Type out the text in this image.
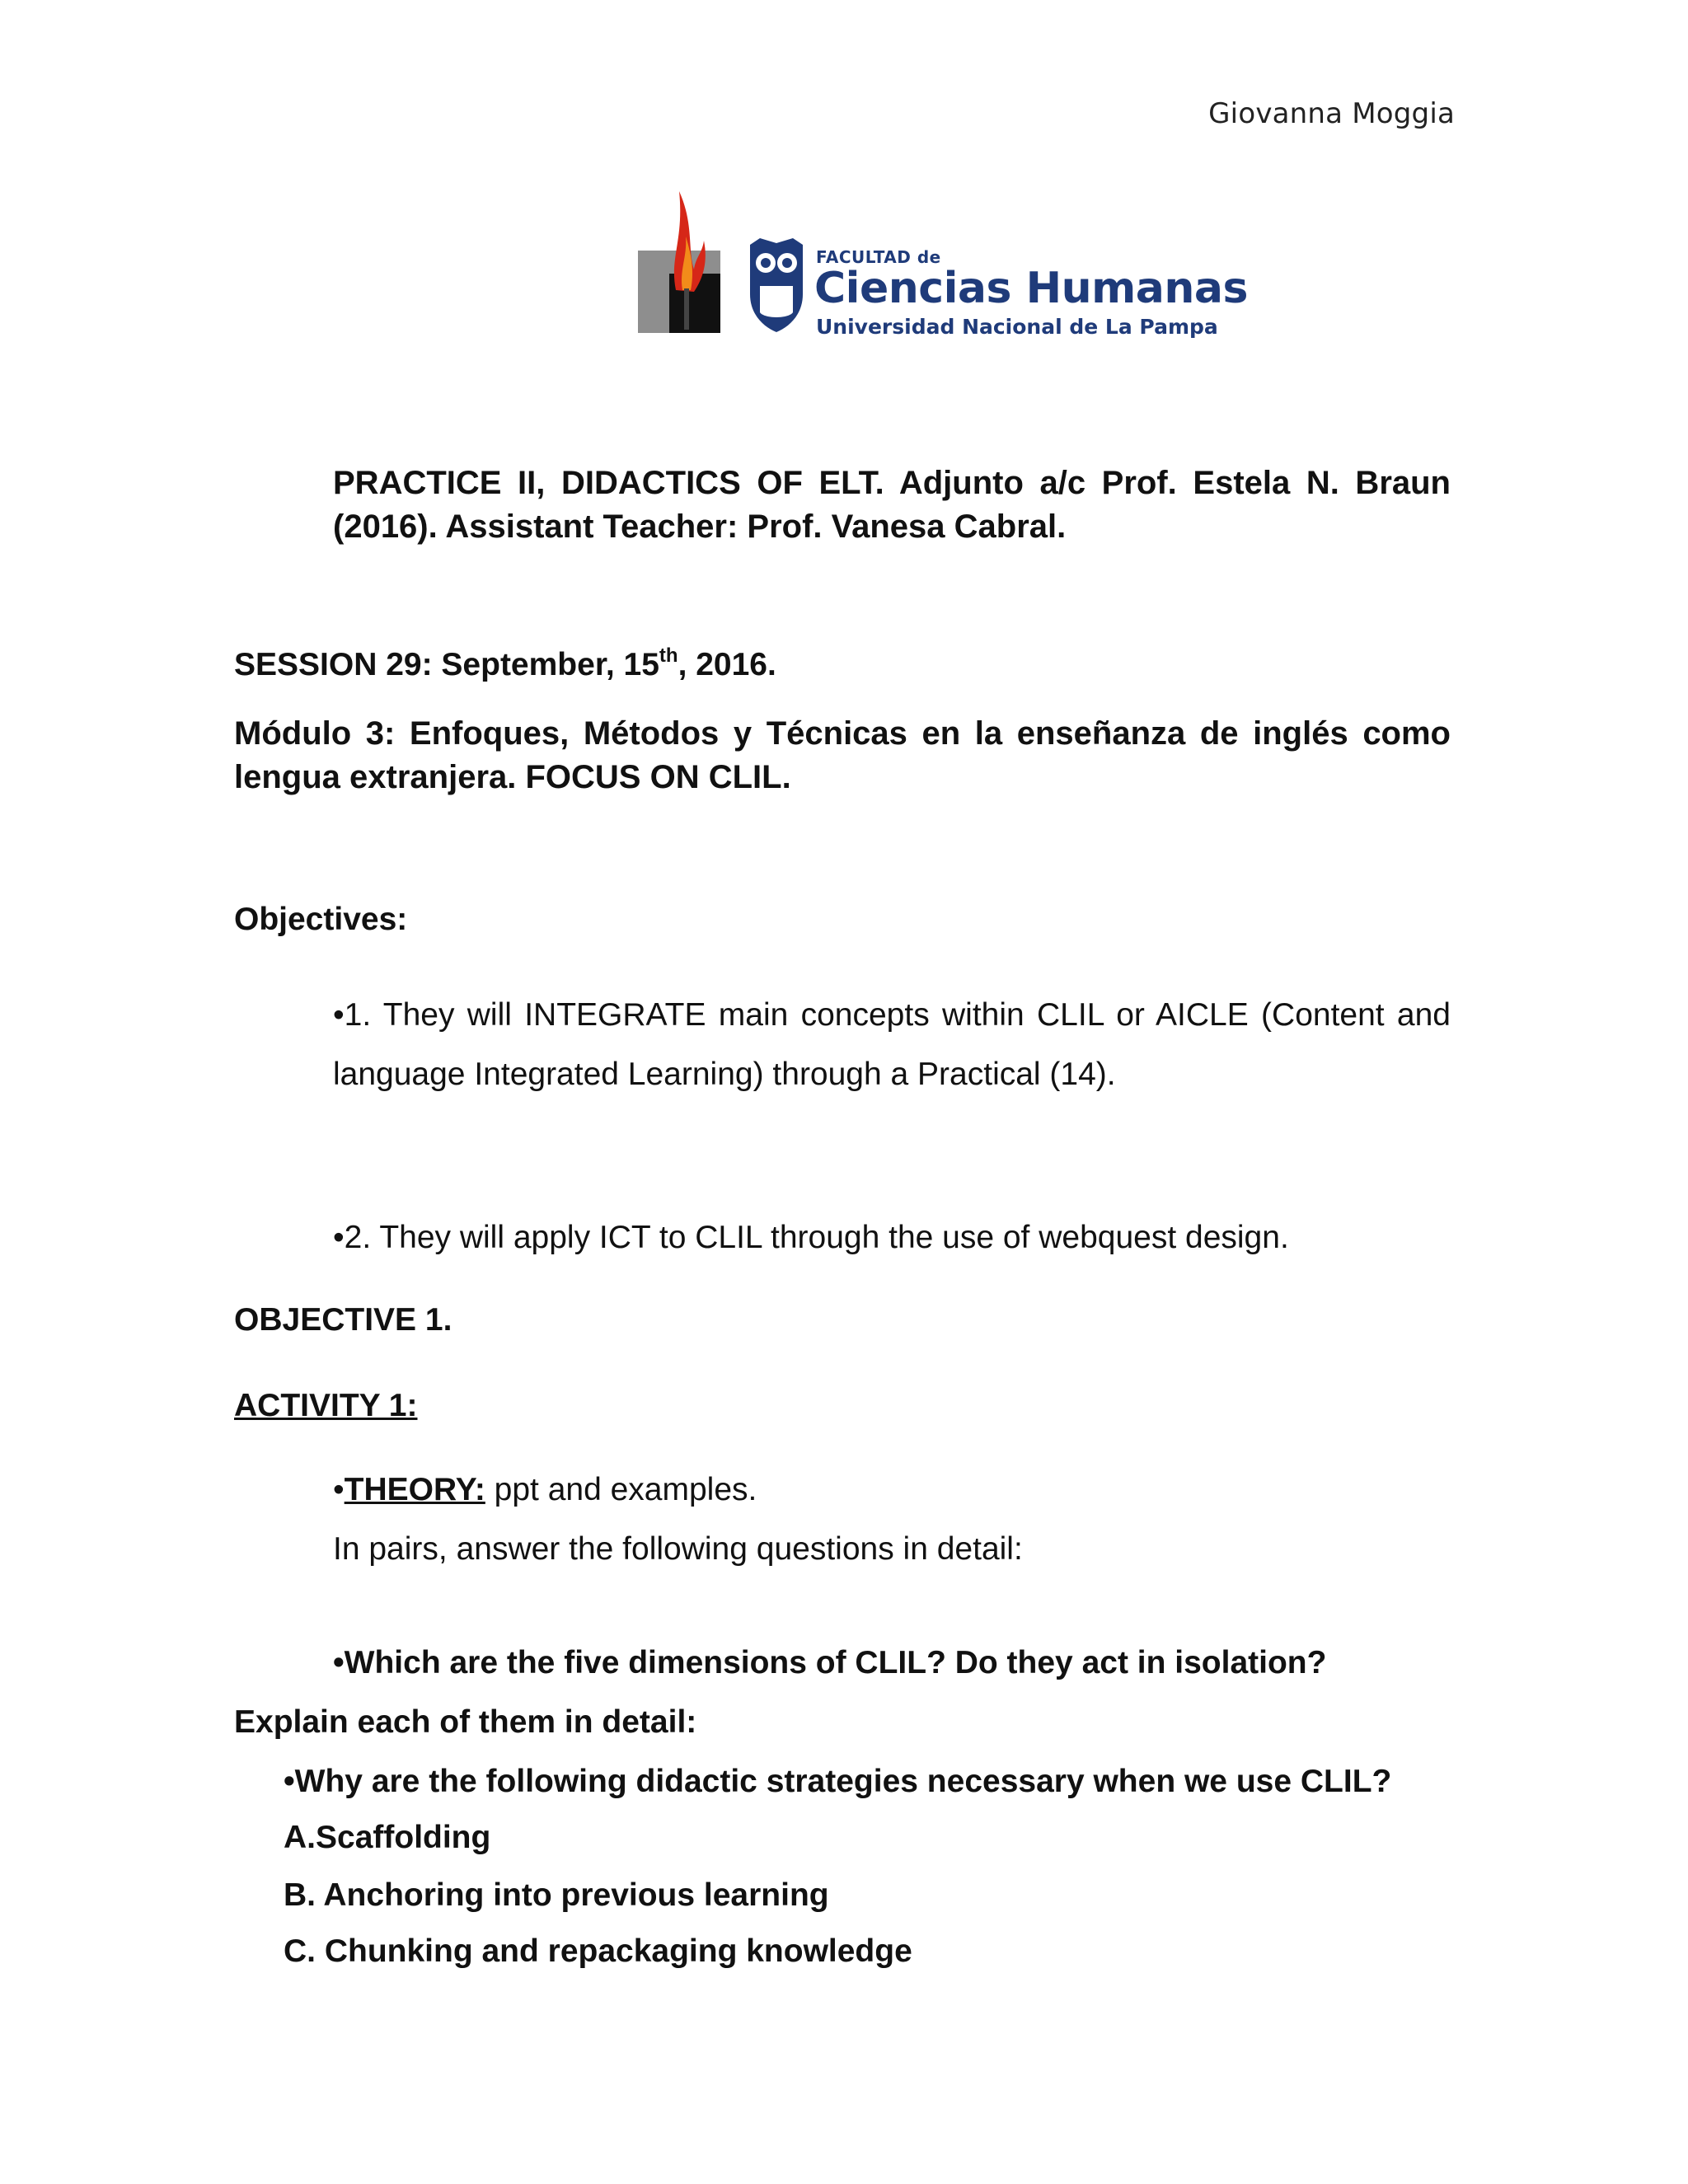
Giovanna Moggia
FACULTAD de
Ciencias Humanas
Universidad Nacional de La Pampa
PRACTICE II, DIDACTICS OF ELT. Adjunto a/c Prof. Estela N. Braun
(2016). Assistant Teacher: Prof. Vanesa Cabral.
SESSION 29: September, 15th, 2016.
Módulo 3: Enfoques, Métodos y Técnicas en la enseñanza de inglés como
lengua extranjera. FOCUS ON CLIL.
Objectives:
•1. They will INTEGRATE main concepts within CLIL or AICLE (Content and
language Integrated Learning) through a Practical (14).
•2. They will apply ICT to CLIL through the use of webquest design.
OBJECTIVE 1.
ACTIVITY 1:
•THEORY: ppt and examples.
In pairs, answer the following questions in detail:
•Which are the five dimensions of CLIL? Do they act in isolation?
Explain each of them in detail:
•Why are the following didactic strategies necessary when we use CLIL?
A.Scaffolding
B. Anchoring into previous learning
C. Chunking and repackaging knowledge
